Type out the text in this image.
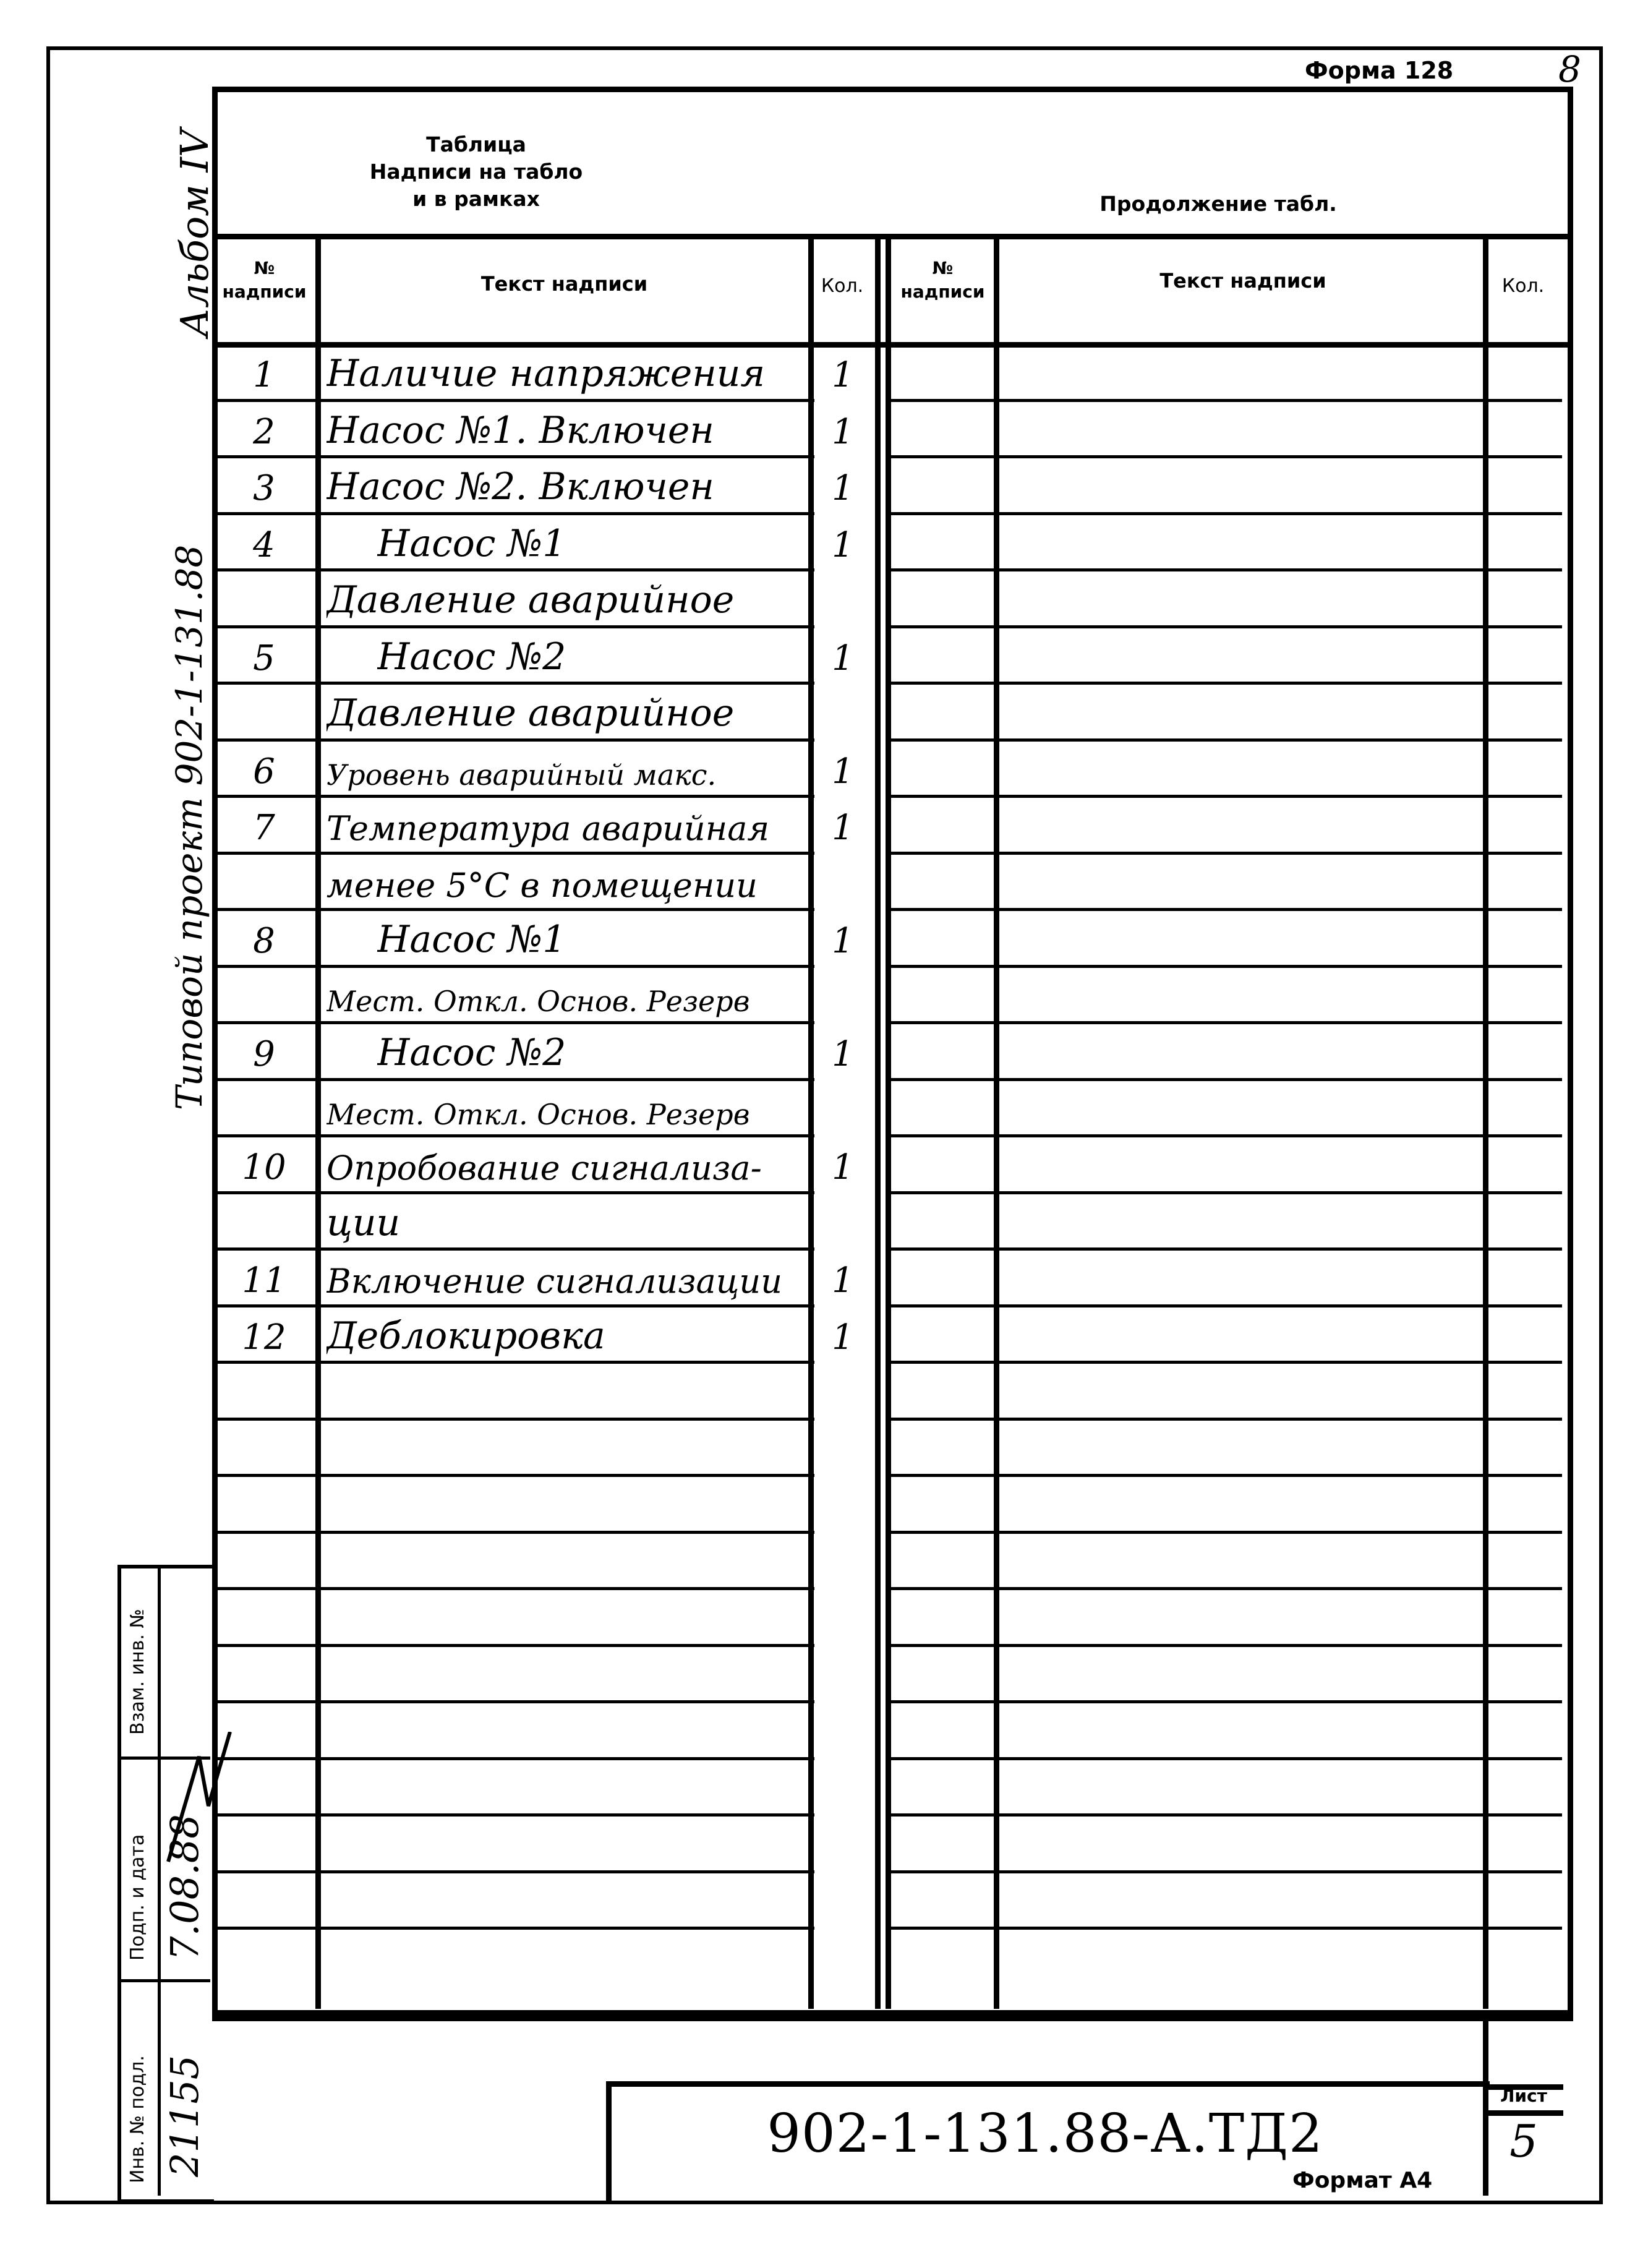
Форма 128	8
Формат А4
Таблица
Надписи на табло
и в рамках	Продолжение табл.
№ надписи	Текст надписи	Кол.
№ надписи	Текст надписи	Кол.
1	Наличие напряжения	1
2	Насос №1. Включен	1
3	Насос №2. Включен	1
4	Насос №1	1
Давление аварийное
5	Насос №2	1
Давление аварийное
6	Уровень аварийный макс.	1
7	Температура аварийная	1
менее 5°С в помещении
8	Насос №1	1
Мест. Откл. Основ. Резерв
9	Насос №2	1
Мест. Откл. Основ. Резерв
10	Опробование сигнализа-	1
ции
11	Включение сигнализации	1
12	Деблокировка	1
Альбом IV
Типовой проект 902-1-131.88
Взам. инв. №
Подп. и дата
Инв. № подл.
7.08.88
21155	902-1-131.88-А.ТД2
Лист
5
